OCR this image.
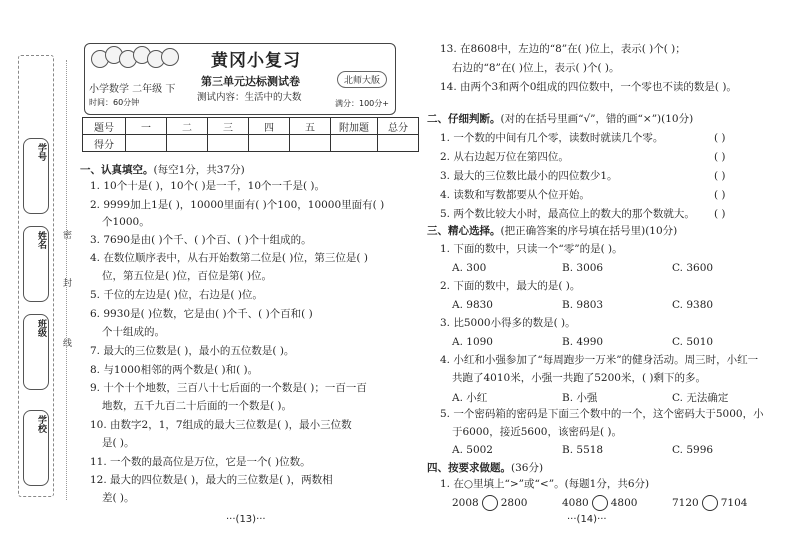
学号
姓名
班级
学校
密
封
线
黄冈小复习
小学数学 二年级 下
时间：60分钟
第三单元达标测试卷
测试内容：生活中的大数
北师大版
满分：100分+
题号	一	二	三	四	五	附加题	总分
得分							
一、认真填空。(每空1分，共37分)
1. 10个十是( )，10个( )是一千，10个一千是( )。
2. 9999加上1是( )，10000里面有( )个100，10000里面有( )
个1000。
3. 7690是由( )个千、( )个百、( )个十组成的。
4. 在数位顺序表中，从右开始数第二位是( )位，第三位是( )
位，第五位是( )位，百位是第( )位。
5. 千位的左边是( )位，右边是( )位。
6. 9930是( )位数，它是由( )个千、( )个百和( )
个十组成的。
7. 最大的三位数是( )，最小的五位数是( )。
8. 与1000相邻的两个数是( )和( )。
9. 十个十个地数，三百八十七后面的一个数是( )；一百一百
地数，五千九百二十后面的一个数是( )。
10. 由数字2，1，7组成的最大三位数是( )，最小三位数
是( )。
11. 一个数的最高位是万位，它是一个( )位数。
12. 最大的四位数是( )，最大的三位数是( )，两数相
差( )。
···(13)···
13. 在8608中，左边的“8”在( )位上，表示( )个( )；
右边的“8”在( )位上，表示( )个( )。
14. 由两个3和两个0组成的四位数中，一个零也不读的数是( )。
二、仔细判断。(对的在括号里画“√”，错的画“×”)(10分)
1. 一个数的中间有几个零，读数时就读几个零。	( )
2. 从右边起万位在第四位。	( )
3. 最大的三位数比最小的四位数少1。	( )
4. 读数和写数都要从个位开始。	( )
5. 两个数比较大小时，最高位上的数大的那个数就大。 ( )
三、精心选择。(把正确答案的序号填在括号里)(10分)
1. 下面的数中，只读一个“零”的是( )。
A. 300	B. 3006	C. 3600
2. 下面的数中，最大的是( )。
A. 9830	B. 9803	C. 9380
3. 比5000小得多的数是( )。
A. 1090	B. 4990	C. 5010
4. 小红和小强参加了“每周跑步一万米”的健身活动。周三时，小红一
共跑了4010米，小强一共跑了5200米，( )剩下的多。
A. 小红	B. 小强	C. 无法确定
5. 一个密码箱的密码是下面三个数中的一个，这个密码大于5000，小
于6000，接近5600，该密码是( )。
A. 5002	B. 5518	C. 5996
四、按要求做题。(36分)
1. 在○里填上“>”或“<”。(每题1分，共6分)
2008 2800	4080 4800	7120 7104
···(14)···
